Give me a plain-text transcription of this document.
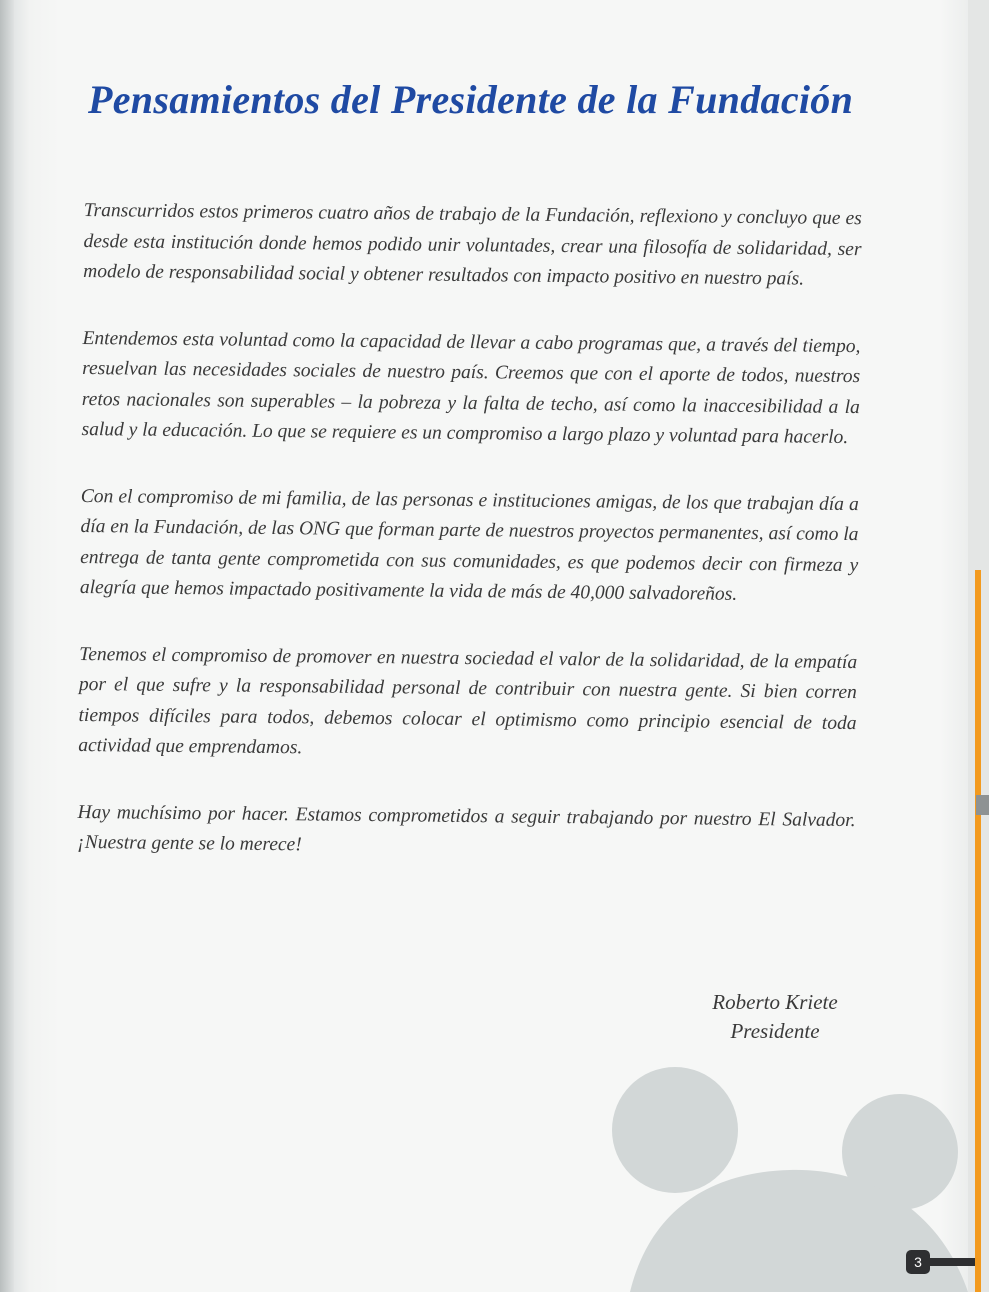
Pensamientos del Presidente de la Fundación

Transcurridos estos primeros cuatro años de trabajo de la Fundación, reflexiono y concluyo que es desde esta institución donde hemos podido unir voluntades, crear una filosofía de solidaridad, ser modelo de responsabilidad social y obtener resultados con impacto positivo en nuestro país.

Entendemos esta voluntad como la capacidad de llevar a cabo programas que, a través del tiempo, resuelvan las necesidades sociales de nuestro país. Creemos que con el aporte de todos, nuestros retos nacionales son superables – la pobreza y la falta de techo, así como la inaccesibilidad a la salud y la educación. Lo que se requiere es un compromiso a largo plazo y voluntad para hacerlo.

Con el compromiso de mi familia, de las personas e instituciones amigas, de los que trabajan día a día en la Fundación, de las ONG que forman parte de nuestros proyectos permanentes, así como la entrega de tanta gente comprometida con sus comunidades, es que podemos decir con firmeza y alegría que hemos impactado positivamente la vida de más de 40,000 salvadoreños.

Tenemos el compromiso de promover en nuestra sociedad el valor de la solidaridad, de la empatía por el que sufre y la responsabilidad personal de contribuir con nuestra gente. Si bien corren tiempos difíciles para todos, debemos colocar el optimismo como principio esencial de toda actividad que emprendamos.

Hay muchísimo por hacer. Estamos comprometidos a seguir trabajando por nuestro El Salvador. ¡Nuestra gente se lo merece!

Roberto Kriete
Presidente
3
